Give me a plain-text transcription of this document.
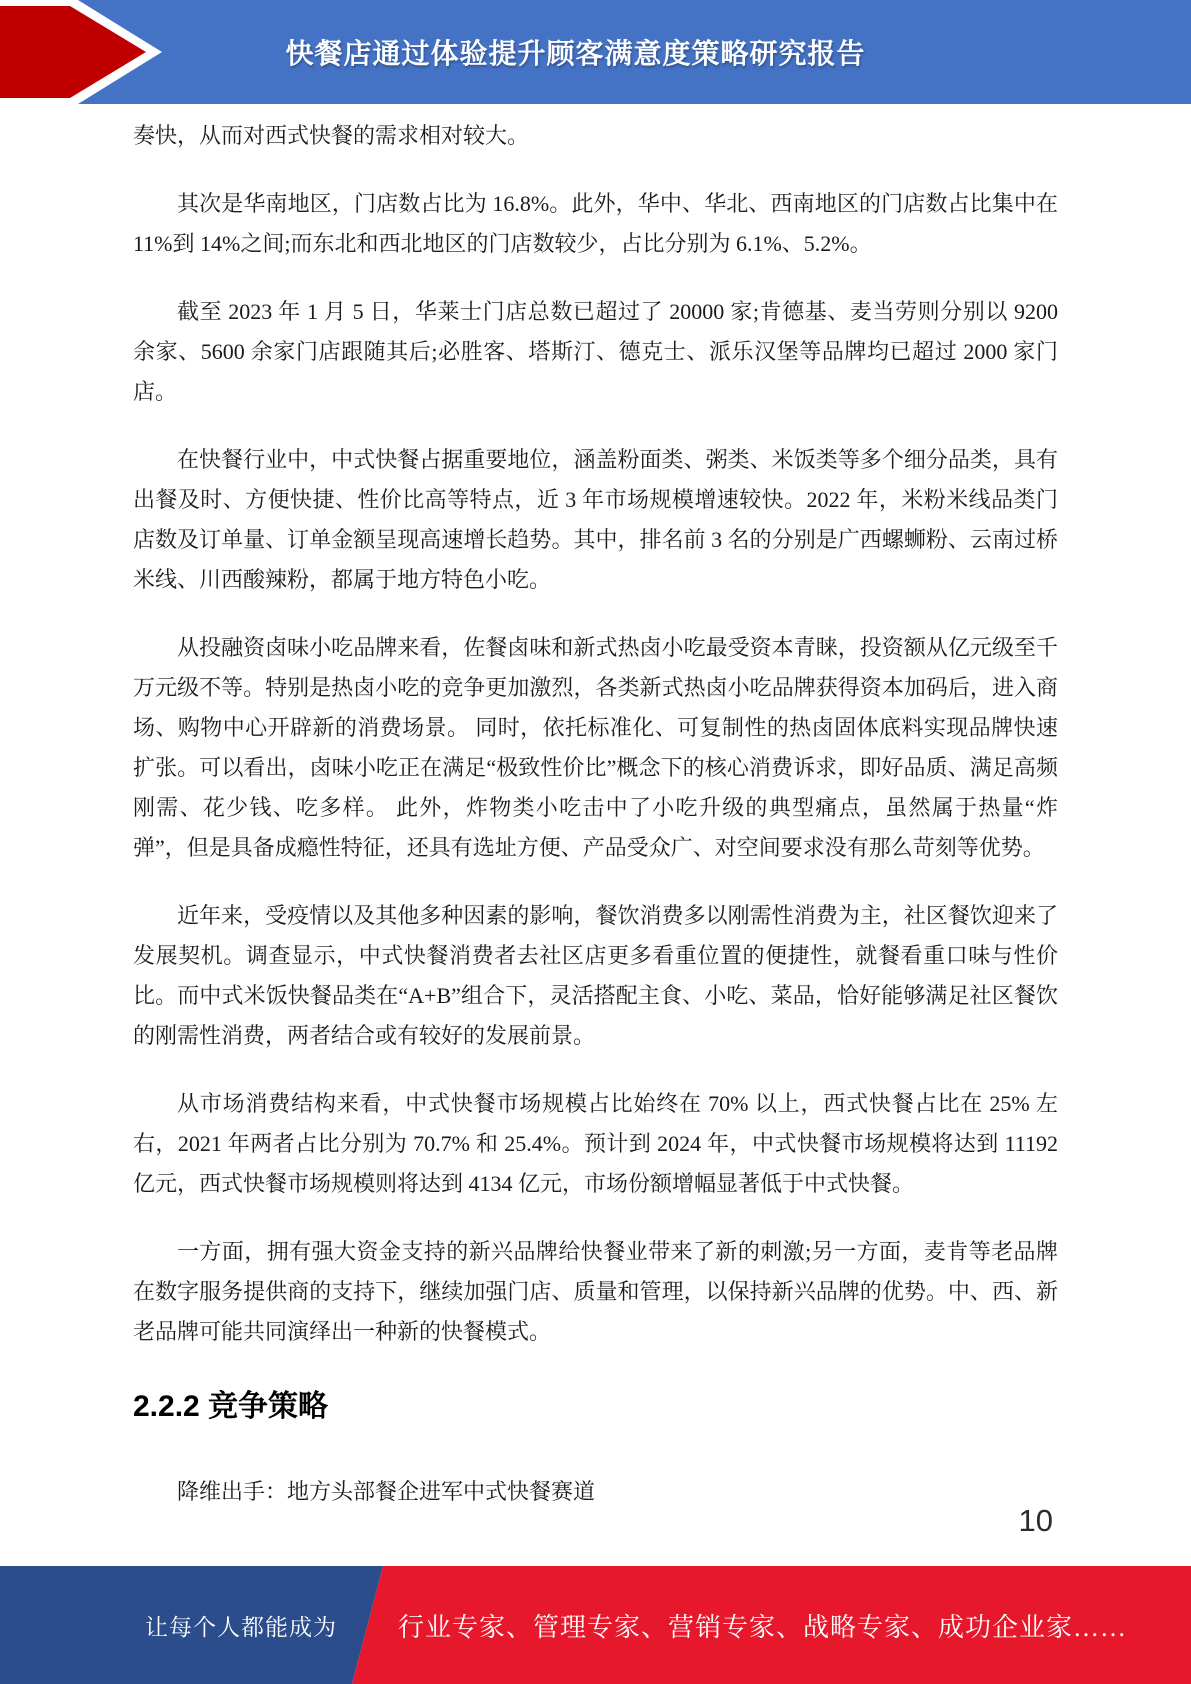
快餐店通过体验提升顾客满意度策略研究报告

奏快，从而对西式快餐的需求相对较大。

其次是华南地区，门店数占比为 16.8%。此外，华中、华北、西南地区的门店数占比集中在 11%到 14%之间;而东北和西北地区的门店数较少，占比分别为 6.1%、5.2%。

截至 2023 年 1 月 5 日，华莱士门店总数已超过了 20000 家;肯德基、麦当劳则分别以 9200 余家、5600 余家门店跟随其后;必胜客、塔斯汀、德克士、派乐汉堡等品牌均已超过 2000 家门店。

在快餐行业中，中式快餐占据重要地位，涵盖粉面类、粥类、米饭类等多个细分品类，具有出餐及时、方便快捷、性价比高等特点，近 3 年市场规模增速较快。2022 年，米粉米线品类门店数及订单量、订单金额呈现高速增长趋势。其中，排名前 3 名的分别是广西螺蛳粉、云南过桥米线、川西酸辣粉，都属于地方特色小吃。

从投融资卤味小吃品牌来看，佐餐卤味和新式热卤小吃最受资本青睐，投资额从亿元级至千万元级不等。特别是热卤小吃的竞争更加激烈，各类新式热卤小吃品牌获得资本加码后，进入商场、购物中心开辟新的消费场景。 同时，依托标准化、可复制性的热卤固体底料实现品牌快速扩张。可以看出，卤味小吃正在满足“极致性价比”概念下的核心消费诉求，即好品质、满足高频刚需、花少钱、吃多样。 此外，炸物类小吃击中了小吃升级的典型痛点，虽然属于热量“炸弹”，但是具备成瘾性特征，还具有选址方便、产品受众广、对空间要求没有那么苛刻等优势。

近年来，受疫情以及其他多种因素的影响，餐饮消费多以刚需性消费为主，社区餐饮迎来了发展契机。调查显示，中式快餐消费者去社区店更多看重位置的便捷性，就餐看重口味与性价比。而中式米饭快餐品类在“A+B”组合下，灵活搭配主食、小吃、菜品，恰好能够满足社区餐饮的刚需性消费，两者结合或有较好的发展前景。

从市场消费结构来看，中式快餐市场规模占比始终在 70% 以上，西式快餐占比在 25% 左右，2021 年两者占比分别为 70.7% 和 25.4%。预计到 2024 年，中式快餐市场规模将达到 11192 亿元，西式快餐市场规模则将达到 4134 亿元，市场份额增幅显著低于中式快餐。

一方面，拥有强大资金支持的新兴品牌给快餐业带来了新的刺激;另一方面，麦肯等老品牌在数字服务提供商的支持下，继续加强门店、质量和管理，以保持新兴品牌的优势。中、西、新老品牌可能共同演绎出一种新的快餐模式。

2.2.2 竞争策略

降维出手：地方头部餐企进军中式快餐赛道

10
让每个人都能成为 行业专家、管理专家、营销专家、战略专家、成功企业家……
